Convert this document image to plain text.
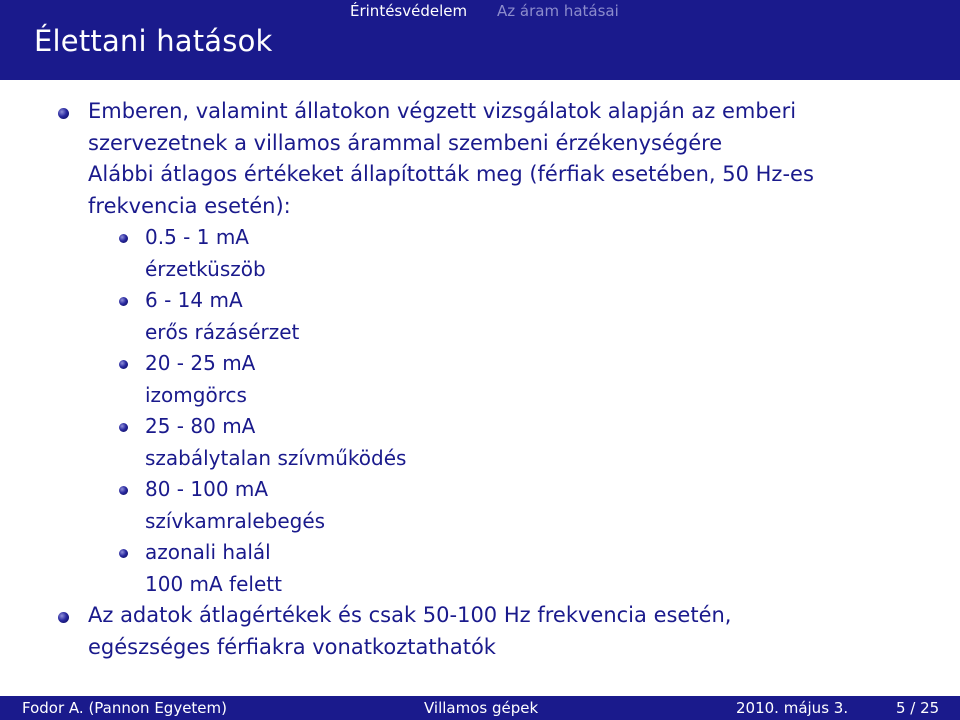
Érintésvédelem Az áram hatásai
Élettani hatások
Emberen, valamint állatokon végzett vizsgálatok alapján az emberi
szervezetnek a villamos árammal szembeni érzékenységére
Alábbi átlagos értékeket állapították meg (férfiak esetében, 50 Hz-es
frekvencia esetén):
0.5 - 1 mA
érzetküszöb
6 - 14 mA
erős rázásérzet
20 - 25 mA
izomgörcs
25 - 80 mA
szabálytalan szívműködés
80 - 100 mA
szívkamralebegés
azonali halál
100 mA felett
Az adatok átlagértékek és csak 50-100 Hz frekvencia esetén,
egészséges férfiakra vonatkoztathatók
Fodor A. (Pannon Egyetem)	Villamos gépek	2010. május 3.	5 / 25
